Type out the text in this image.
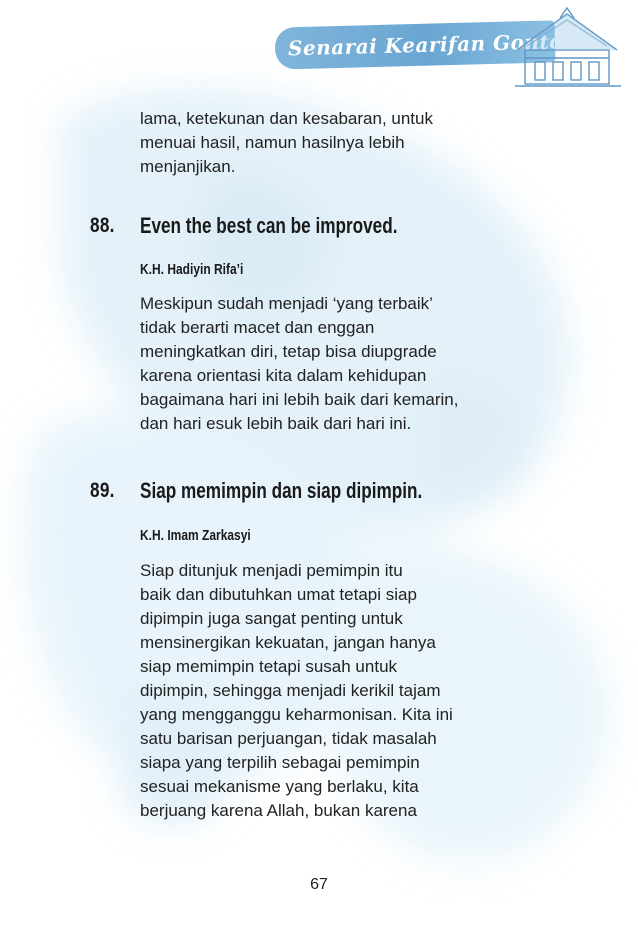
Senarai Kearifan Gontory
lama, ketekunan dan kesabaran, untuk
menuai hasil, namun hasilnya lebih
menjanjikan.
88. Even the best can be improved.
K.H. Hadiyin Rifa’i
Meskipun sudah menjadi ‘yang terbaik’
tidak berarti macet dan enggan
meningkatkan diri, tetap bisa diupgrade
karena orientasi kita dalam kehidupan
bagaimana hari ini lebih baik dari kemarin,
dan hari esuk lebih baik dari hari ini.
89. Siap memimpin dan siap dipimpin.
K.H. Imam Zarkasyi
Siap ditunjuk menjadi pemimpin itu
baik dan dibutuhkan umat tetapi siap
dipimpin juga sangat penting untuk
mensinergikan kekuatan, jangan hanya
siap memimpin tetapi susah untuk
dipimpin, sehingga menjadi kerikil tajam
yang mengganggu keharmonisan. Kita ini
satu barisan perjuangan, tidak masalah
siapa yang terpilih sebagai pemimpin
sesuai mekanisme yang berlaku, kita
berjuang karena Allah, bukan karena
67
